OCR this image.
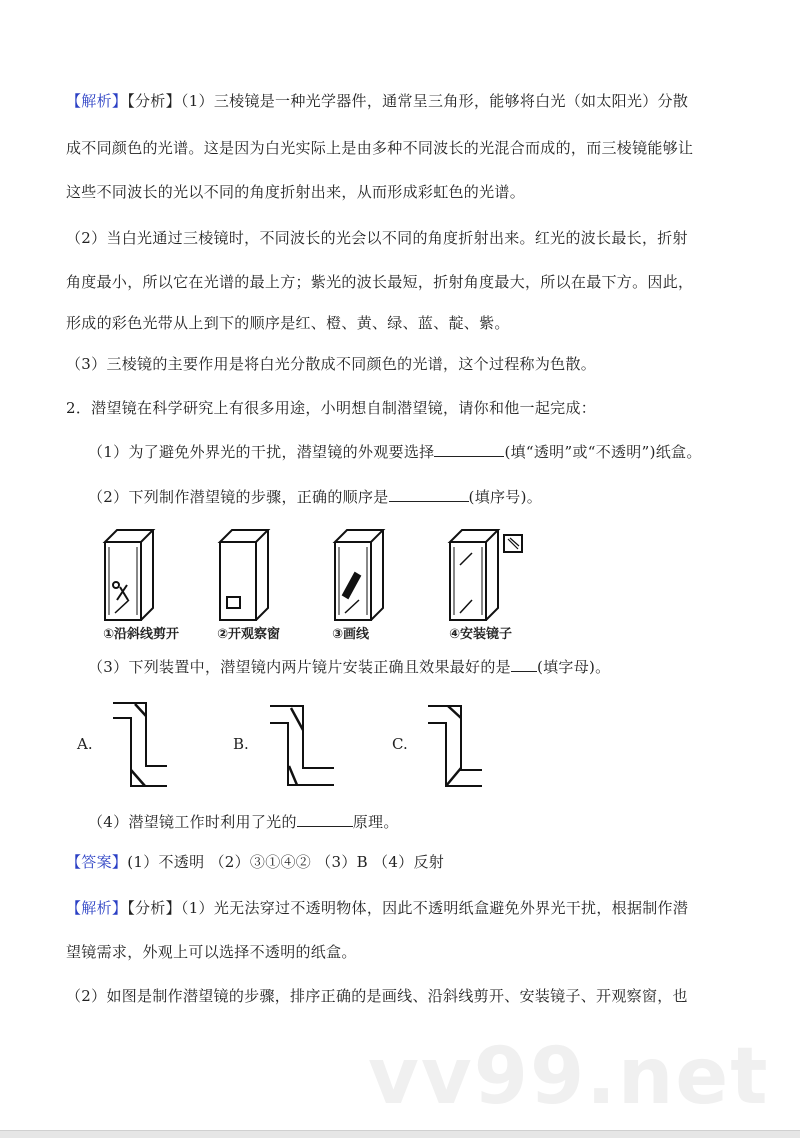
vv99.net
【解析】【分析】（1）三棱镜是一种光学器件，通常呈三角形，能够将白光（如太阳光）分散
成不同颜色的光谱。这是因为白光实际上是由多种不同波长的光混合而成的，而三棱镜能够让
这些不同波长的光以不同的角度折射出来，从而形成彩虹色的光谱。
（2）当白光通过三棱镜时，不同波长的光会以不同的角度折射出来。红光的波长最长，折射
角度最小，所以它在光谱的最上方；紫光的波长最短，折射角度最大，所以在最下方。因此，
形成的彩色光带从上到下的顺序是红、橙、黄、绿、蓝、靛、紫。
（3）三棱镜的主要作用是将白光分散成不同颜色的光谱，这个过程称为色散。
2．潜望镜在科学研究上有很多用途，小明想自制潜望镜，请你和他一起完成：
（1）为了避免外界光的干扰，潜望镜的外观要选择	(填“透明”或“不透明”)纸盒。
（2）下列制作潜望镜的步骤，正确的顺序是	(填序号)。
①沿斜线剪开	②开观察窗	③画线	④安装镜子
（3）下列装置中，潜望镜内两片镜片安装正确且效果最好的是 (填字母)。
A.	B.	C.
（4）潜望镜工作时利用了光的	原理。
【答案】(1）不透明 （2）③①④② （3）B （4）反射
【解析】【分析】（1）光无法穿过不透明物体，因此不透明纸盒避免外界光干扰，根据制作潜
望镜需求，外观上可以选择不透明的纸盒。
（2）如图是制作潜望镜的步骤，排序正确的是画线、沿斜线剪开、安装镜子、开观察窗，也
